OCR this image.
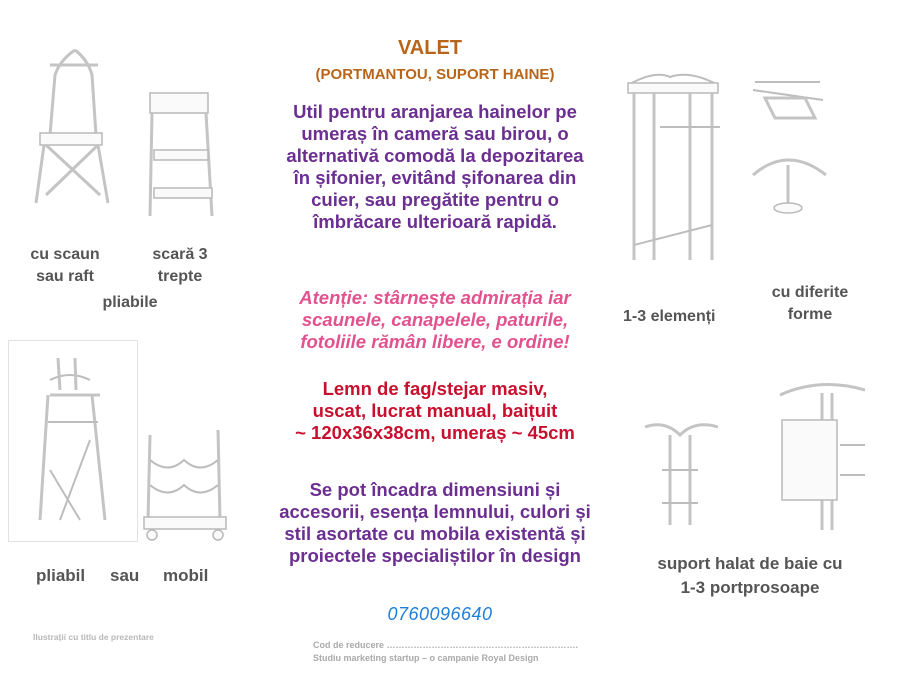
VALET
(PORTMANTOU, SUPORT HAINE)
Util pentru aranjarea hainelor pe
umeraș în cameră sau birou, o
alternativă comodă la depozitarea
în șifonier, evitând șifonarea din
cuier, sau pregătite pentru o
îmbrăcare ulterioară rapidă.
Atenție: stârnește admirația iar
scaunele, canapelele, paturile,
fotoliile rămân libere, e ordine!
Lemn de fag/stejar masiv,
uscat, lucrat manual, baițuit
~ 120x36x38cm, umeraș ~ 45cm
Se pot încadra dimensiuni și
accesorii, esența lemnului, culori și
stil asortate cu mobila existentă și
proiectele specialiștilor în design
0760096640
cu scaun
sau raft
scară 3
trepte
pliabile
pliabil sau mobil
1-3 elemenți
cu diferite
forme
suport halat de baie cu
1-3 portprosoape
Ilustrații cu titlu de prezentare
Cod de reducere ……………………………………………………….
Studiu marketing startup – o campanie Royal Design
